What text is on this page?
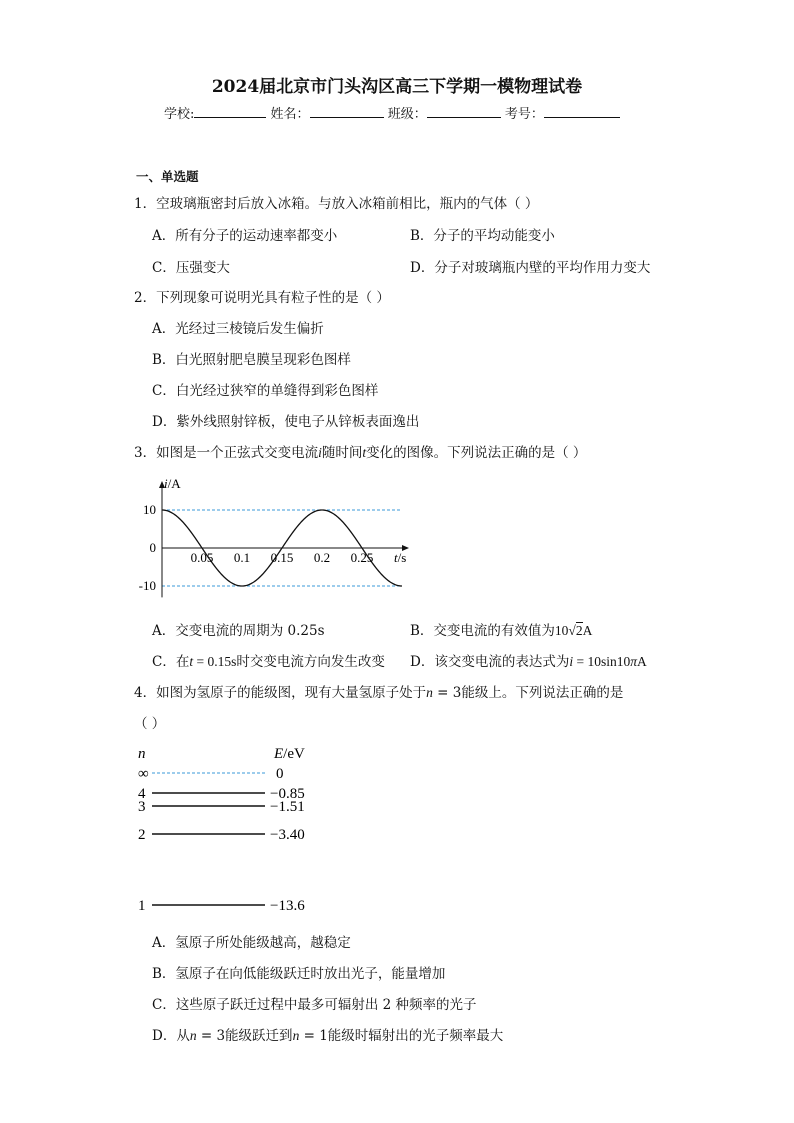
2024届北京市门头沟区高三下学期一模物理试卷
学校:	姓名：	班级：	考号：
一、单选题
1．空玻璃瓶密封后放入冰箱。与放入冰箱前相比，瓶内的气体（ ）
A．所有分子的运动速率都变小	B．分子的平均动能变小
C．压强变大	D．分子对玻璃瓶内壁的平均作用力变大
2．下列现象可说明光具有粒子性的是（ ）
A．光经过三棱镜后发生偏折
B．白光照射肥皂膜呈现彩色图样
C．白光经过狭窄的单缝得到彩色图样
D．紫外线照射锌板，使电子从锌板表面逸出
3．如图是一个正弦式交变电流i随时间t变化的图像。下列说法正确的是（ ）
0.05 0.1 0.15 0.2 0.25
10
0
-10
i/A
t/s
A．交变电流的周期为 0.25s	B．交变电流的有效值为10√2A
C．在t = 0.15s时交变电流方向发生改变 D．该交变电流的表达式为i = 10sin10πA
4．如图为氢原子的能级图，现有大量氢原子处于n = 3能级上。下列说法正确的是
（ ）
n	E/eV
∞	0
4	−0.85
3	−1.51
2	−3.40
1	−13.6
A．氢原子所处能级越高，越稳定
B．氢原子在向低能级跃迁时放出光子，能量增加
C．这些原子跃迁过程中最多可辐射出 2 种频率的光子
D．从n = 3能级跃迁到n = 1能级时辐射出的光子频率最大
